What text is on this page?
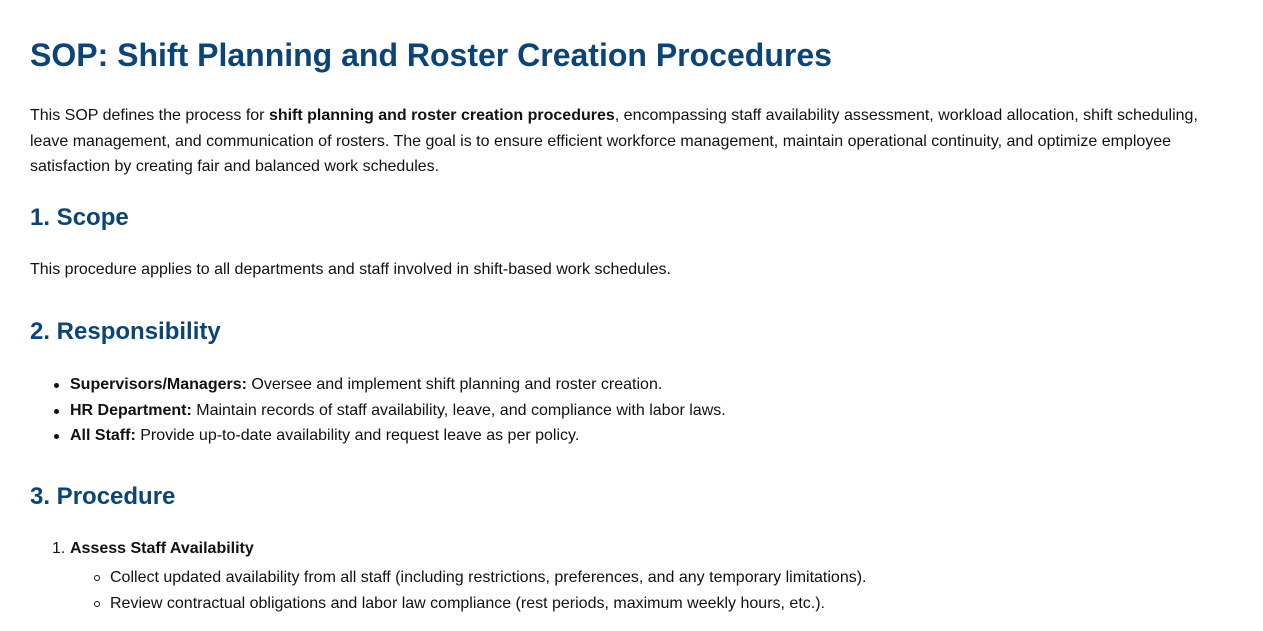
SOP: Shift Planning and Roster Creation Procedures

This SOP defines the process for shift planning and roster creation procedures, encompassing staff availability assessment, workload allocation, shift scheduling, leave management, and communication of rosters. The goal is to ensure efficient workforce management, maintain operational continuity, and optimize employee satisfaction by creating fair and balanced work schedules.

1. Scope

This procedure applies to all departments and staff involved in shift-based work schedules.

2. Responsibility
Supervisors/Managers: Oversee and implement shift planning and roster creation.
HR Department: Maintain records of staff availability, leave, and compliance with labor laws.
All Staff: Provide up-to-date availability and request leave as per policy.
3. Procedure
1. Assess Staff Availability
Collect updated availability from all staff (including restrictions, preferences, and any temporary limitations).
Review contractual obligations and labor law compliance (rest periods, maximum weekly hours, etc.).
